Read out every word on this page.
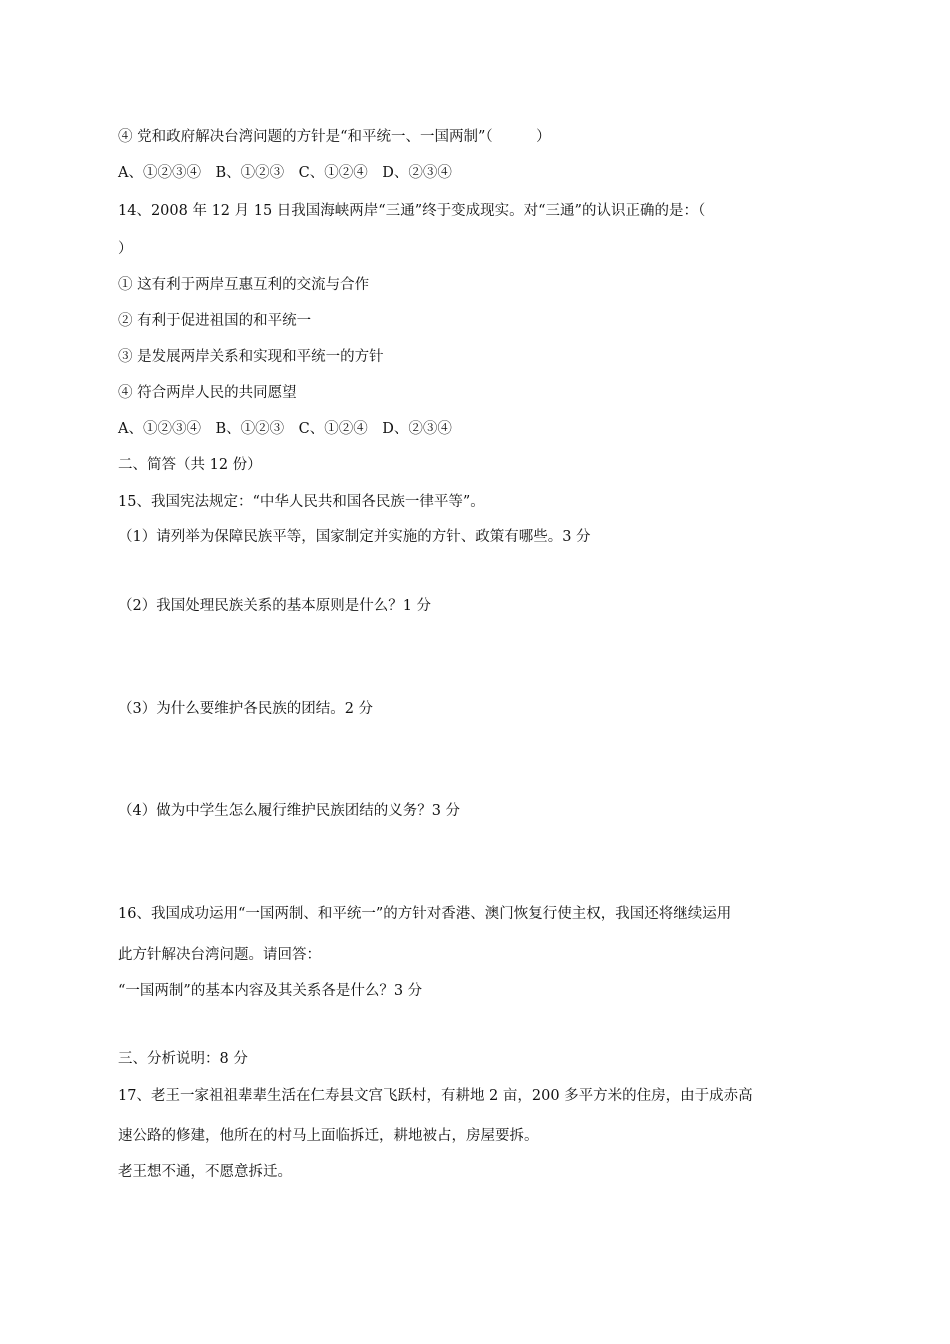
④ 党和政府解决台湾问题的方针是“和平统一、一国两制”（　　　）
A、①②③④　B、①②③　C、①②④　D、②③④
14、2008 年 12 月 15 日我国海峡两岸“三通”终于变成现实。对“三通”的认识正确的是：（
）
① 这有利于两岸互惠互利的交流与合作
② 有利于促进祖国的和平统一
③ 是发展两岸关系和实现和平统一的方针
④ 符合两岸人民的共同愿望
A、①②③④　B、①②③　C、①②④　D、②③④
二、简答（共 12 份）
15、我国宪法规定：“中华人民共和国各民族一律平等”。
（1）请列举为保障民族平等，国家制定并实施的方针、政策有哪些。3 分
（2）我国处理民族关系的基本原则是什么？1 分
（3）为什么要维护各民族的团结。2 分
（4）做为中学生怎么履行维护民族团结的义务？3 分
16、我国成功运用“一国两制、和平统一”的方针对香港、澳门恢复行使主权，我国还将继续运用
此方针解决台湾问题。请回答：
“一国两制”的基本内容及其关系各是什么？3 分
三、分析说明：8 分
17、老王一家祖祖辈辈生活在仁寿县文宫飞跃村，有耕地 2 亩，200 多平方米的住房，由于成赤高
速公路的修建，他所在的村马上面临拆迁，耕地被占，房屋要拆。
老王想不通，不愿意拆迁。
